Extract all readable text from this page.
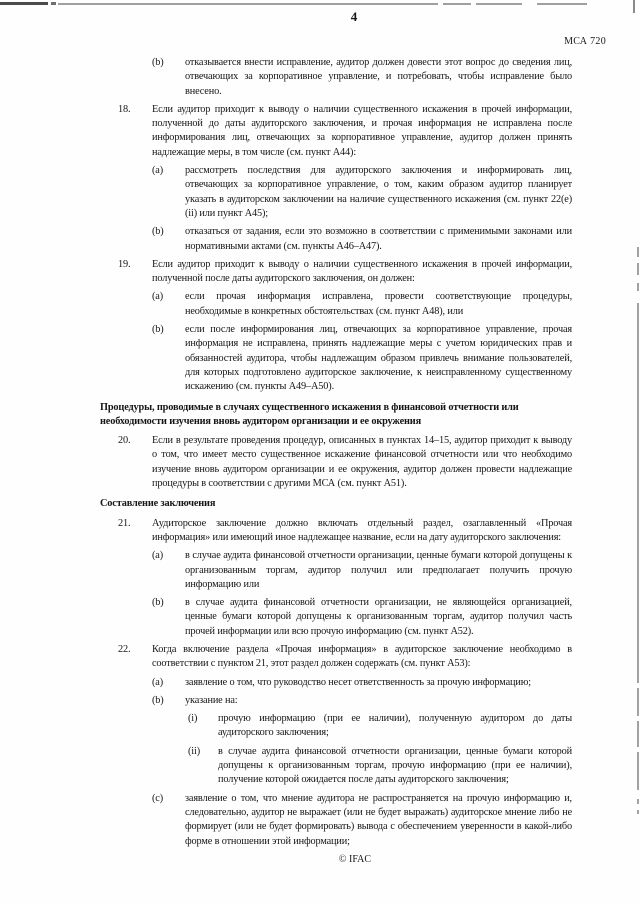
4
МСА 720
(b)	отказывается внести исправление, аудитор должен довести этот вопрос до сведения лиц, отвечающих за корпоративное управление, и потребовать, чтобы исправление было внесено.
18.	Если аудитор приходит к выводу о наличии существенного искажения в прочей информации, полученной до даты аудиторского заключения, и прочая информация не исправлена после информирования лиц, отвечающих за корпоративное управление, аудитор должен принять надлежащие меры, в том числе (см. пункт А44):
(a)	рассмотреть последствия для аудиторского заключения и информировать лиц, отвечающих за корпоративное управление, о том, каким образом аудитор планирует указать в аудиторском заключении на наличие существенного искажения (см. пункт 22(e)(ii) или пункт А45);
(b)	отказаться от задания, если это возможно в соответствии с применимыми законами или нормативными актами (см. пункты А46–А47).
19.	Если аудитор приходит к выводу о наличии существенного искажения в прочей информации, полученной после даты аудиторского заключения, он должен:
(a)	если прочая информация исправлена, провести соответствующие процедуры, необходимые в конкретных обстоятельствах (см. пункт А48), или
(b)	если после информирования лиц, отвечающих за корпоративное управление, прочая информация не исправлена, принять надлежащие меры с учетом юридических прав и обязанностей аудитора, чтобы надлежащим образом привлечь внимание пользователей, для которых подготовлено аудиторское заключение, к неисправленному существенному искажению (см. пункты А49–А50).
Процедуры, проводимые в случаях существенного искажения в финансовой отчетности или необходимости изучения вновь аудитором организации и ее окружения
20.	Если в результате проведения процедур, описанных в пунктах 14–15, аудитор приходит к выводу о том, что имеет место существенное искажение финансовой отчетности или что необходимо изучение вновь аудитором организации и ее окружения, аудитор должен провести надлежащие процедуры в соответствии с другими МСА (см. пункт А51).
Составление заключения
21.	Аудиторское заключение должно включать отдельный раздел, озаглавленный «Прочая информация» или имеющий иное надлежащее название, если на дату аудиторского заключения:
(a)	в случае аудита финансовой отчетности организации, ценные бумаги которой допущены к организованным торгам, аудитор получил или предполагает получить прочую информацию или
(b)	в случае аудита финансовой отчетности организации, не являющейся организацией, ценные бумаги которой допущены к организованным торгам, аудитор получил часть прочей информации или всю прочую информацию (см. пункт А52).
22.	Когда включение раздела «Прочая информация» в аудиторское заключение необходимо в соответствии с пунктом 21, этот раздел должен содержать (см. пункт А53):
(a)	заявление о том, что руководство несет ответственность за прочую информацию;
(b)	указание на:
(i)	прочую информацию (при ее наличии), полученную аудитором до даты аудиторского заключения;
(ii)	в случае аудита финансовой отчетности организации, ценные бумаги которой допущены к организованным торгам, прочую информацию (при ее наличии), получение которой ожидается после даты аудиторского заключения;
(c)	заявление о том, что мнение аудитора не распространяется на прочую информацию и, следовательно, аудитор не выражает (или не будет выражать) аудиторское мнение либо не формирует (или не будет формировать) вывода с обеспечением уверенности в какой-либо форме в отношении этой информации;
© IFAC
